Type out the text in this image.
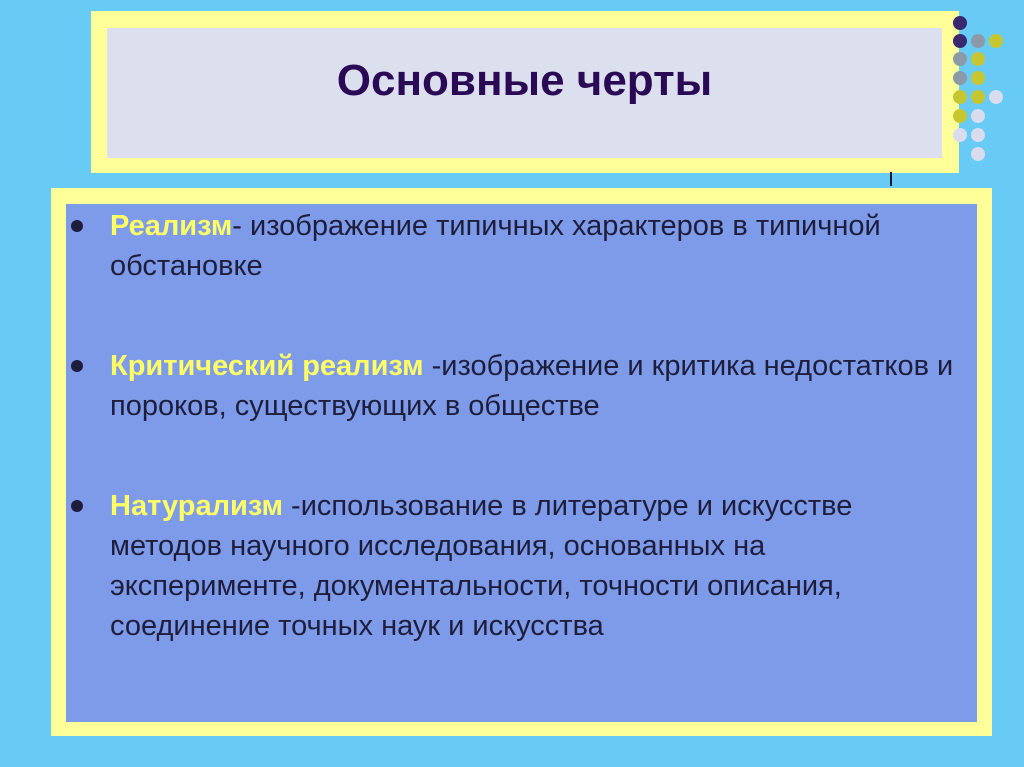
Основные черты
Реализм- изображение типичных характеров в типичной обстановке
Критический реализм -изображение и критика недостатков и пороков, существующих в обществе
Натурализм -использование в литературе и искусстве методов научного исследования, основанных на эксперименте, документальности, точности описания, соединение точных наук и искусства
